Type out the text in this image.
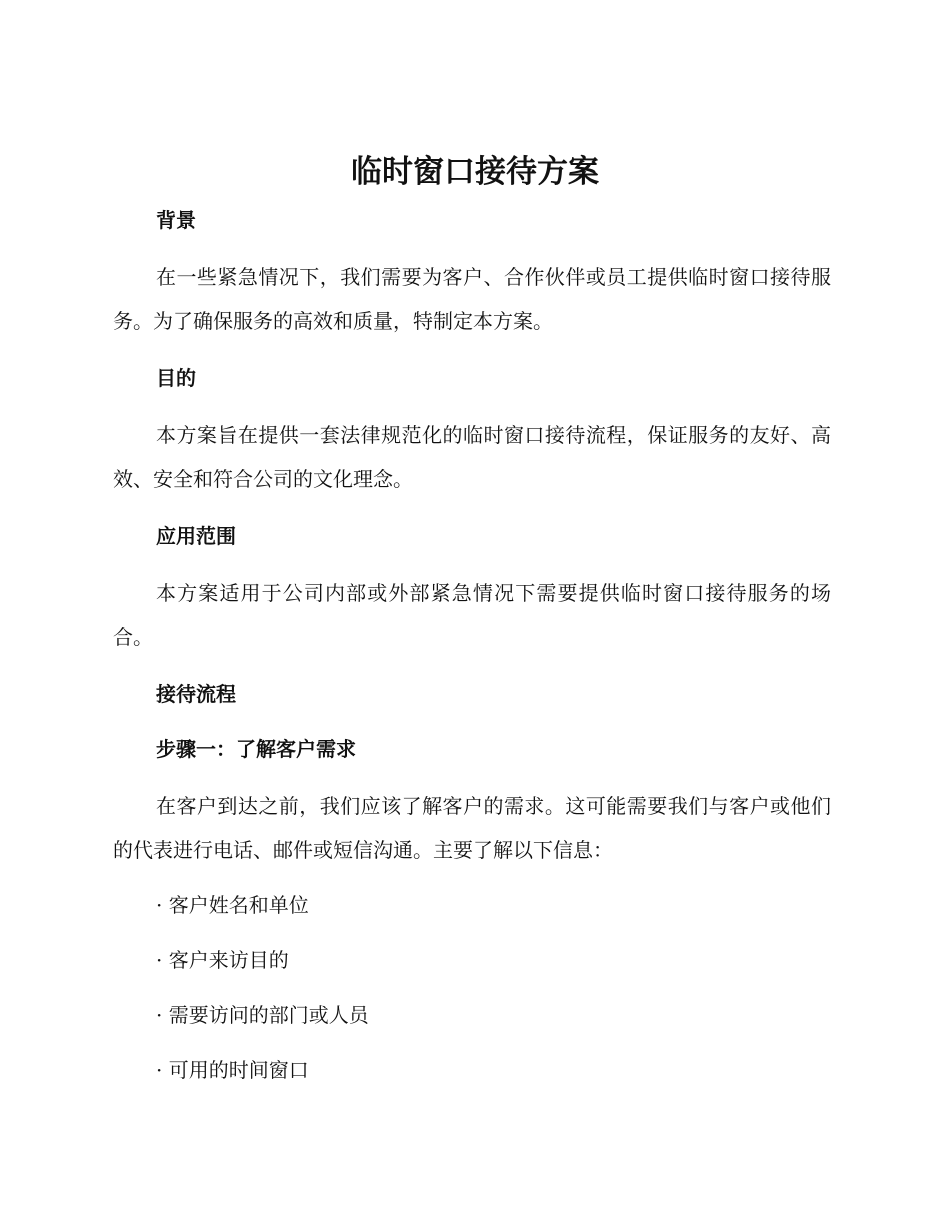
临时窗口接待方案
背景

在一些紧急情况下，我们需要为客户、合作伙伴或员工提供临时窗口接待服务。为了确保服务的高效和质量，特制定本方案。

目的

本方案旨在提供一套法律规范化的临时窗口接待流程，保证服务的友好、高效、安全和符合公司的文化理念。

应用范围

本方案适用于公司内部或外部紧急情况下需要提供临时窗口接待服务的场合。

接待流程
步骤一：了解客户需求

在客户到达之前，我们应该了解客户的需求。这可能需要我们与客户或他们的代表进行电话、邮件或短信沟通。主要了解以下信息：

· 客户姓名和单位
· 客户来访目的
· 需要访问的部门或人员
· 可用的时间窗口
